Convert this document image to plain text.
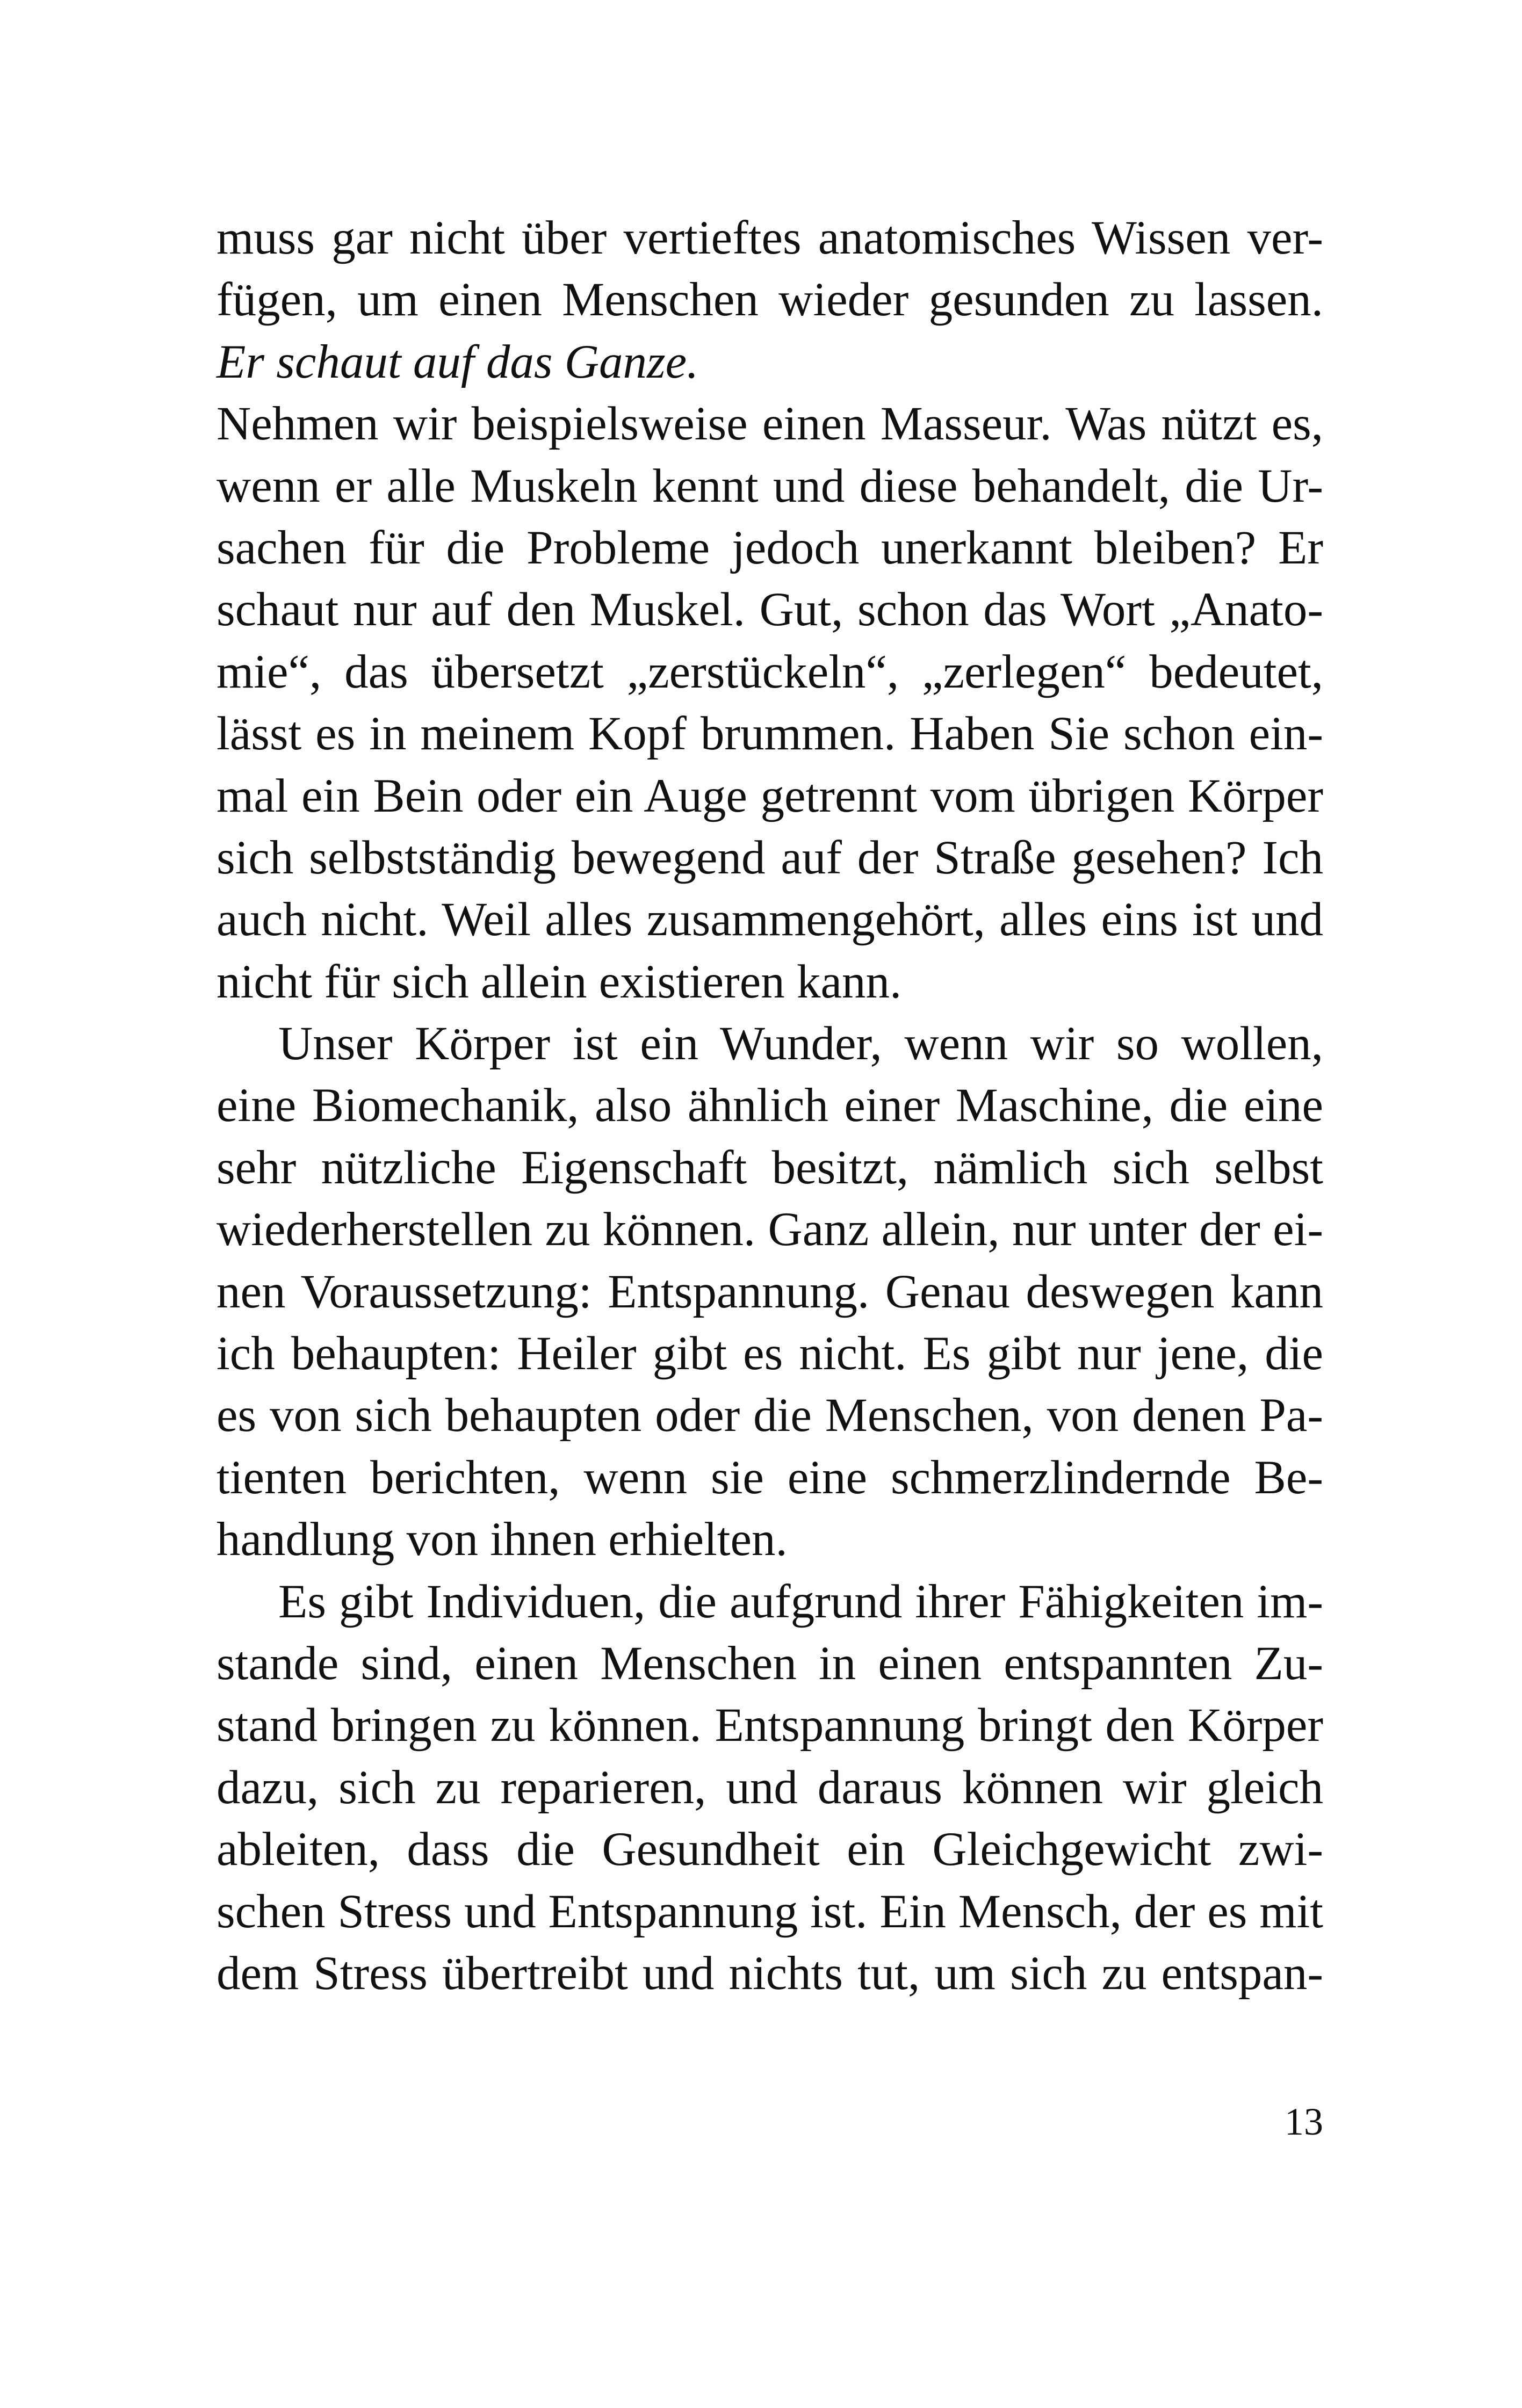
muss gar nicht über vertieftes anatomisches Wissen ver-
fügen, um einen Menschen wieder gesunden zu lassen.
Er schaut auf das Ganze.
Nehmen wir beispielsweise einen Masseur. Was nützt es,
wenn er alle Muskeln kennt und diese behandelt, die Ur-
sachen für die Probleme jedoch unerkannt bleiben? Er
schaut nur auf den Muskel. Gut, schon das Wort „Anato-
mie“, das übersetzt „zerstückeln“, „zerlegen“ bedeutet,
lässt es in meinem Kopf brummen. Haben Sie schon ein-
mal ein Bein oder ein Auge getrennt vom übrigen Körper
sich selbstständig bewegend auf der Straße gesehen? Ich
auch nicht. Weil alles zusammengehört, alles eins ist und
nicht für sich allein existieren kann.
Unser Körper ist ein Wunder, wenn wir so wollen,
eine Biomechanik, also ähnlich einer Maschine, die eine
sehr nützliche Eigenschaft besitzt, nämlich sich selbst
wiederherstellen zu können. Ganz allein, nur unter der ei-
nen Voraussetzung: Entspannung. Genau deswegen kann
ich behaupten: Heiler gibt es nicht. Es gibt nur jene, die
es von sich behaupten oder die Menschen, von denen Pa-
tienten berichten, wenn sie eine schmerzlindernde Be-
handlung von ihnen erhielten.
Es gibt Individuen, die aufgrund ihrer Fähigkeiten im-
stande sind, einen Menschen in einen entspannten Zu-
stand bringen zu können. Entspannung bringt den Körper
dazu, sich zu reparieren, und daraus können wir gleich
ableiten, dass die Gesundheit ein Gleichgewicht zwi-
schen Stress und Entspannung ist. Ein Mensch, der es mit
dem Stress übertreibt und nichts tut, um sich zu entspan-
13
